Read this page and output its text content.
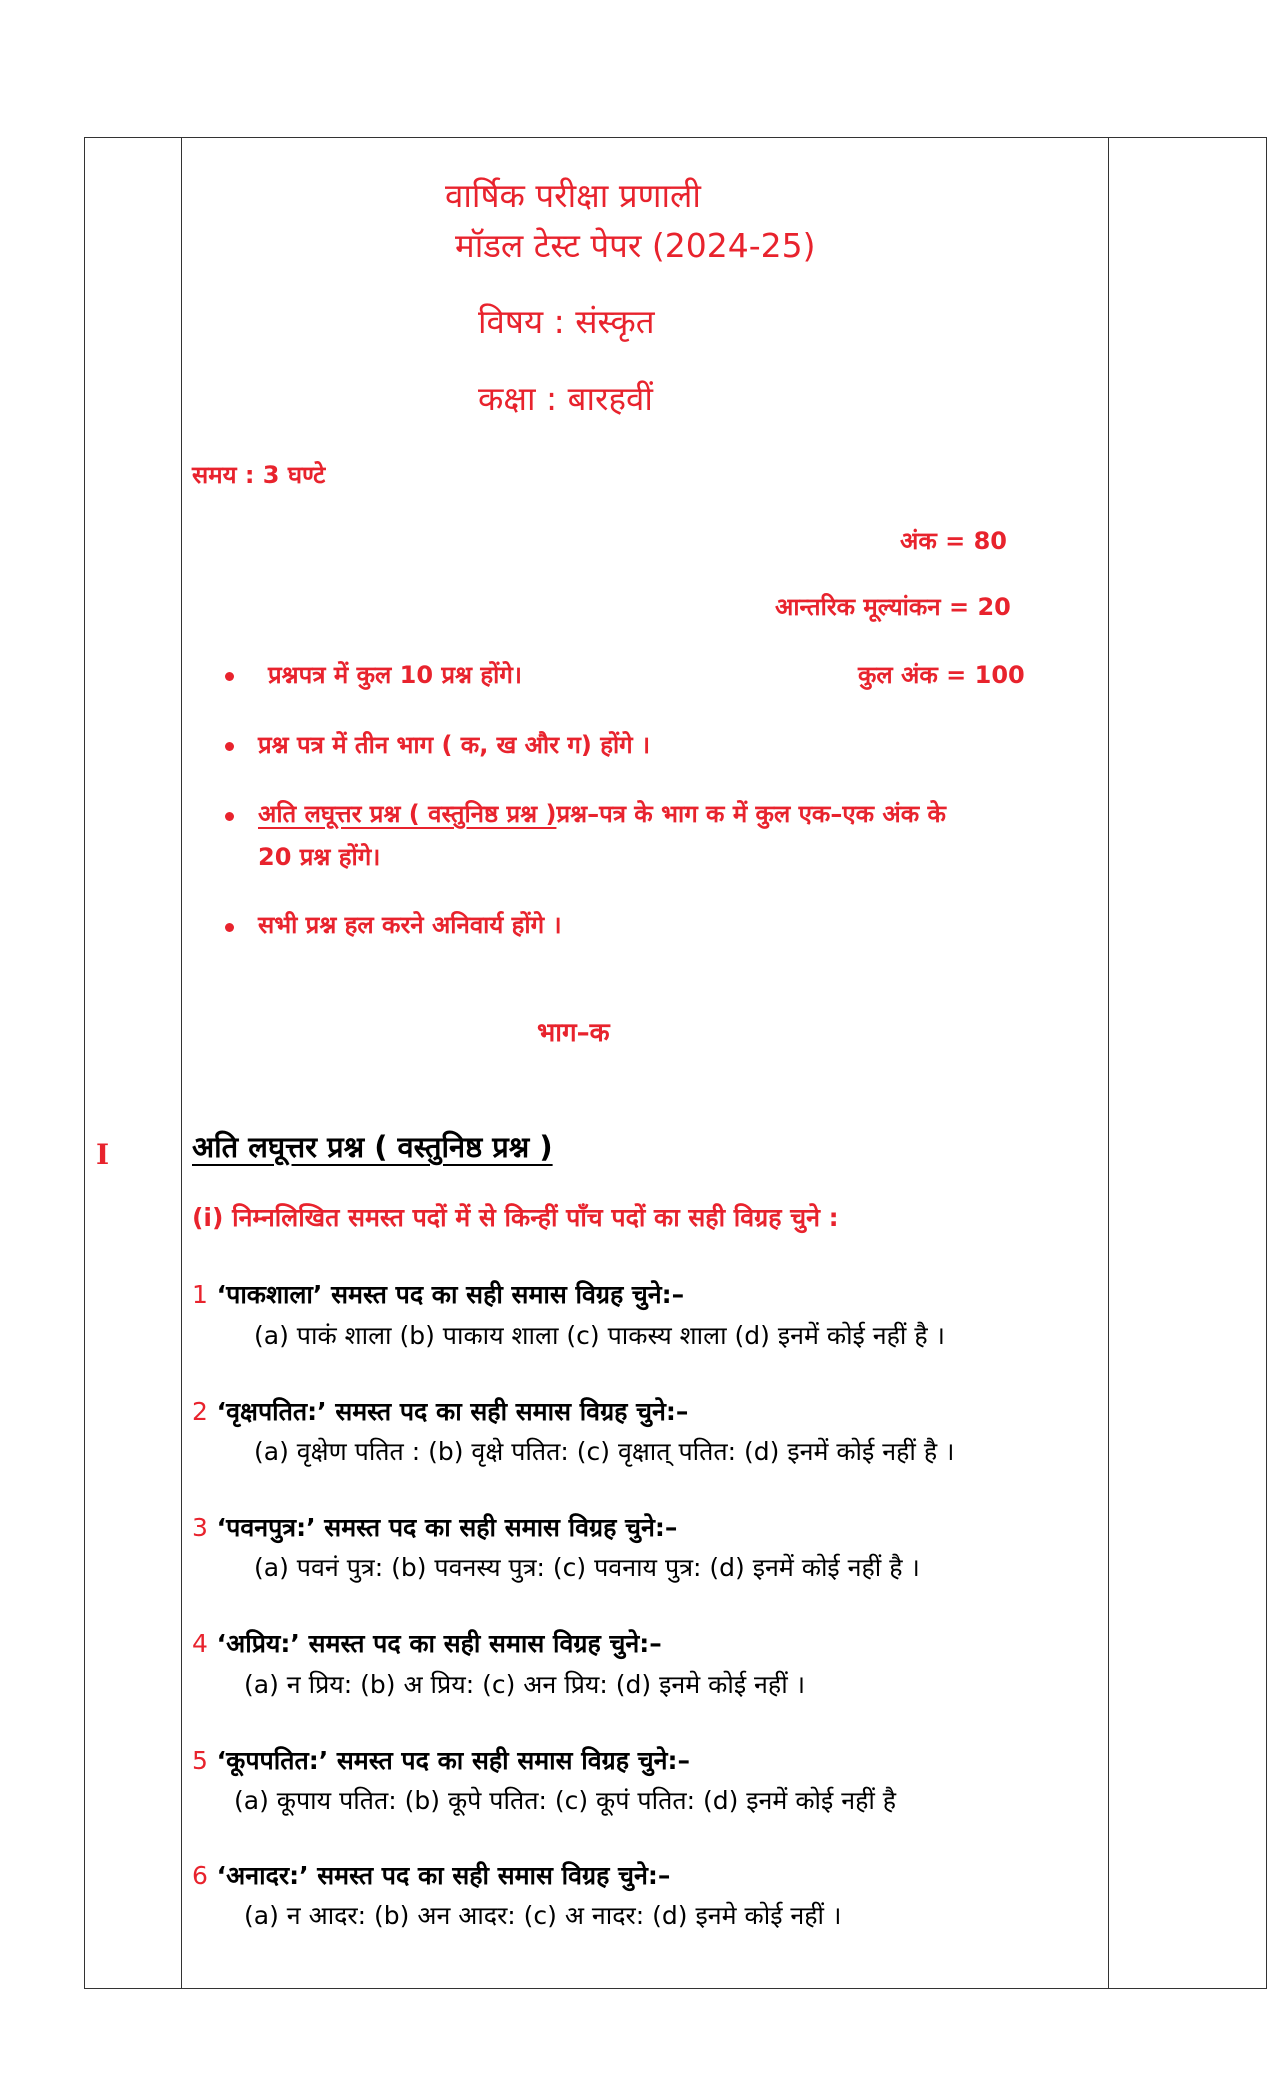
वार्षिक परीक्षा प्रणाली
मॉडल टेस्ट पेपर (2024-25)
विषय : संस्कृत
कक्षा : बारहवीं
समय : 3 घण्टे
अंक = 80
आन्तरिक मूल्यांकन = 20
प्रश्नपत्र में कुल 10 प्रश्न होंगे।	कुल अंक = 100
प्रश्न पत्र में तीन भाग ( क, ख और ग) होंगे ।
अति लघूत्तर प्रश्न ( वस्तुनिष्ठ प्रश्न )प्रश्न–पत्र के भाग क में कुल एक–एक अंक के
20 प्रश्न होंगे।
सभी प्रश्न हल करने अनिवार्य होंगे ।
भाग–क
I	अति लघूत्तर प्रश्न ( वस्तुनिष्ठ प्रश्न )
(i) निम्नलिखित समस्त पदों में से किन्हीं पाँच पदों का सही विग्रह चुने :
1 ‘पाकशाला’ समस्त पद का सही समास विग्रह चुने:–
(a) पाकं शाला (b) पाकाय शाला (c) पाकस्य शाला (d) इनमें कोई नहीं है ।
2 ‘वृक्षपतित:’ समस्त पद का सही समास विग्रह चुने:–
(a) वृक्षेण पतित : (b) वृक्षे पतित: (c) वृक्षात् पतित: (d) इनमें कोई नहीं है ।
3 ‘पवनपुत्र:’ समस्त पद का सही समास विग्रह चुने:–
(a) पवनं पुत्र: (b) पवनस्य पुत्र: (c) पवनाय पुत्र: (d) इनमें कोई नहीं है ।
4 ‘अप्रिय:’ समस्त पद का सही समास विग्रह चुने:–
(a) न प्रिय: (b) अ प्रिय: (c) अन प्रिय: (d) इनमे कोई नहीं ।
5 ‘कूपपतित:’ समस्त पद का सही समास विग्रह चुने:–
(a) कूपाय पतित: (b) कूपे पतित: (c) कूपं पतित: (d) इनमें कोई नहीं है
6 ‘अनादर:’ समस्त पद का सही समास विग्रह चुने:–
(a) न आदर: (b) अन आदर: (c) अ नादर: (d) इनमे कोई नहीं ।
